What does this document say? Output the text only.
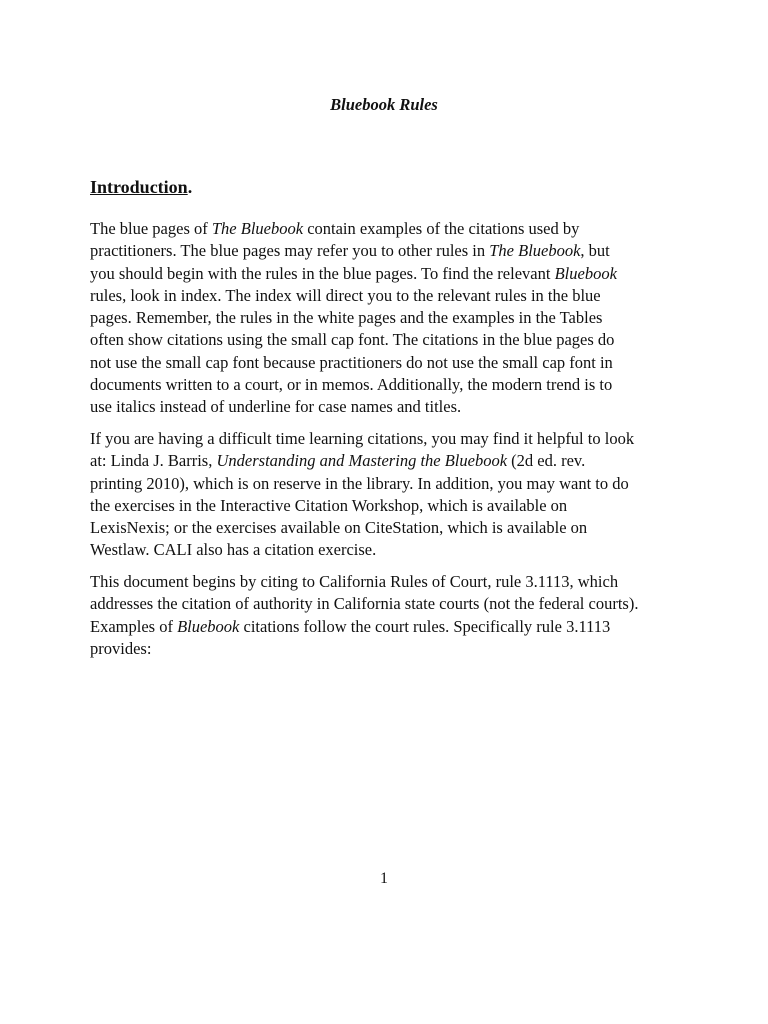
Bluebook Rules
Introduction.
The blue pages of The Bluebook contain examples of the citations used by
practitioners. The blue pages may refer you to other rules in The Bluebook, but
you should begin with the rules in the blue pages. To find the relevant Bluebook
rules, look in index. The index will direct you to the relevant rules in the blue
pages. Remember, the rules in the white pages and the examples in the Tables
often show citations using the small cap font. The citations in the blue pages do
not use the small cap font because practitioners do not use the small cap font in
documents written to a court, or in memos. Additionally, the modern trend is to
use italics instead of underline for case names and titles.
If you are having a difficult time learning citations, you may find it helpful to look
at: Linda J. Barris, Understanding and Mastering the Bluebook (2d ed. rev.
printing 2010), which is on reserve in the library. In addition, you may want to do
the exercises in the Interactive Citation Workshop, which is available on
LexisNexis; or the exercises available on CiteStation, which is available on
Westlaw. CALI also has a citation exercise.
This document begins by citing to California Rules of Court, rule 3.1113, which
addresses the citation of authority in California state courts (not the federal courts).
Examples of Bluebook citations follow the court rules. Specifically rule 3.1113
provides:
1
